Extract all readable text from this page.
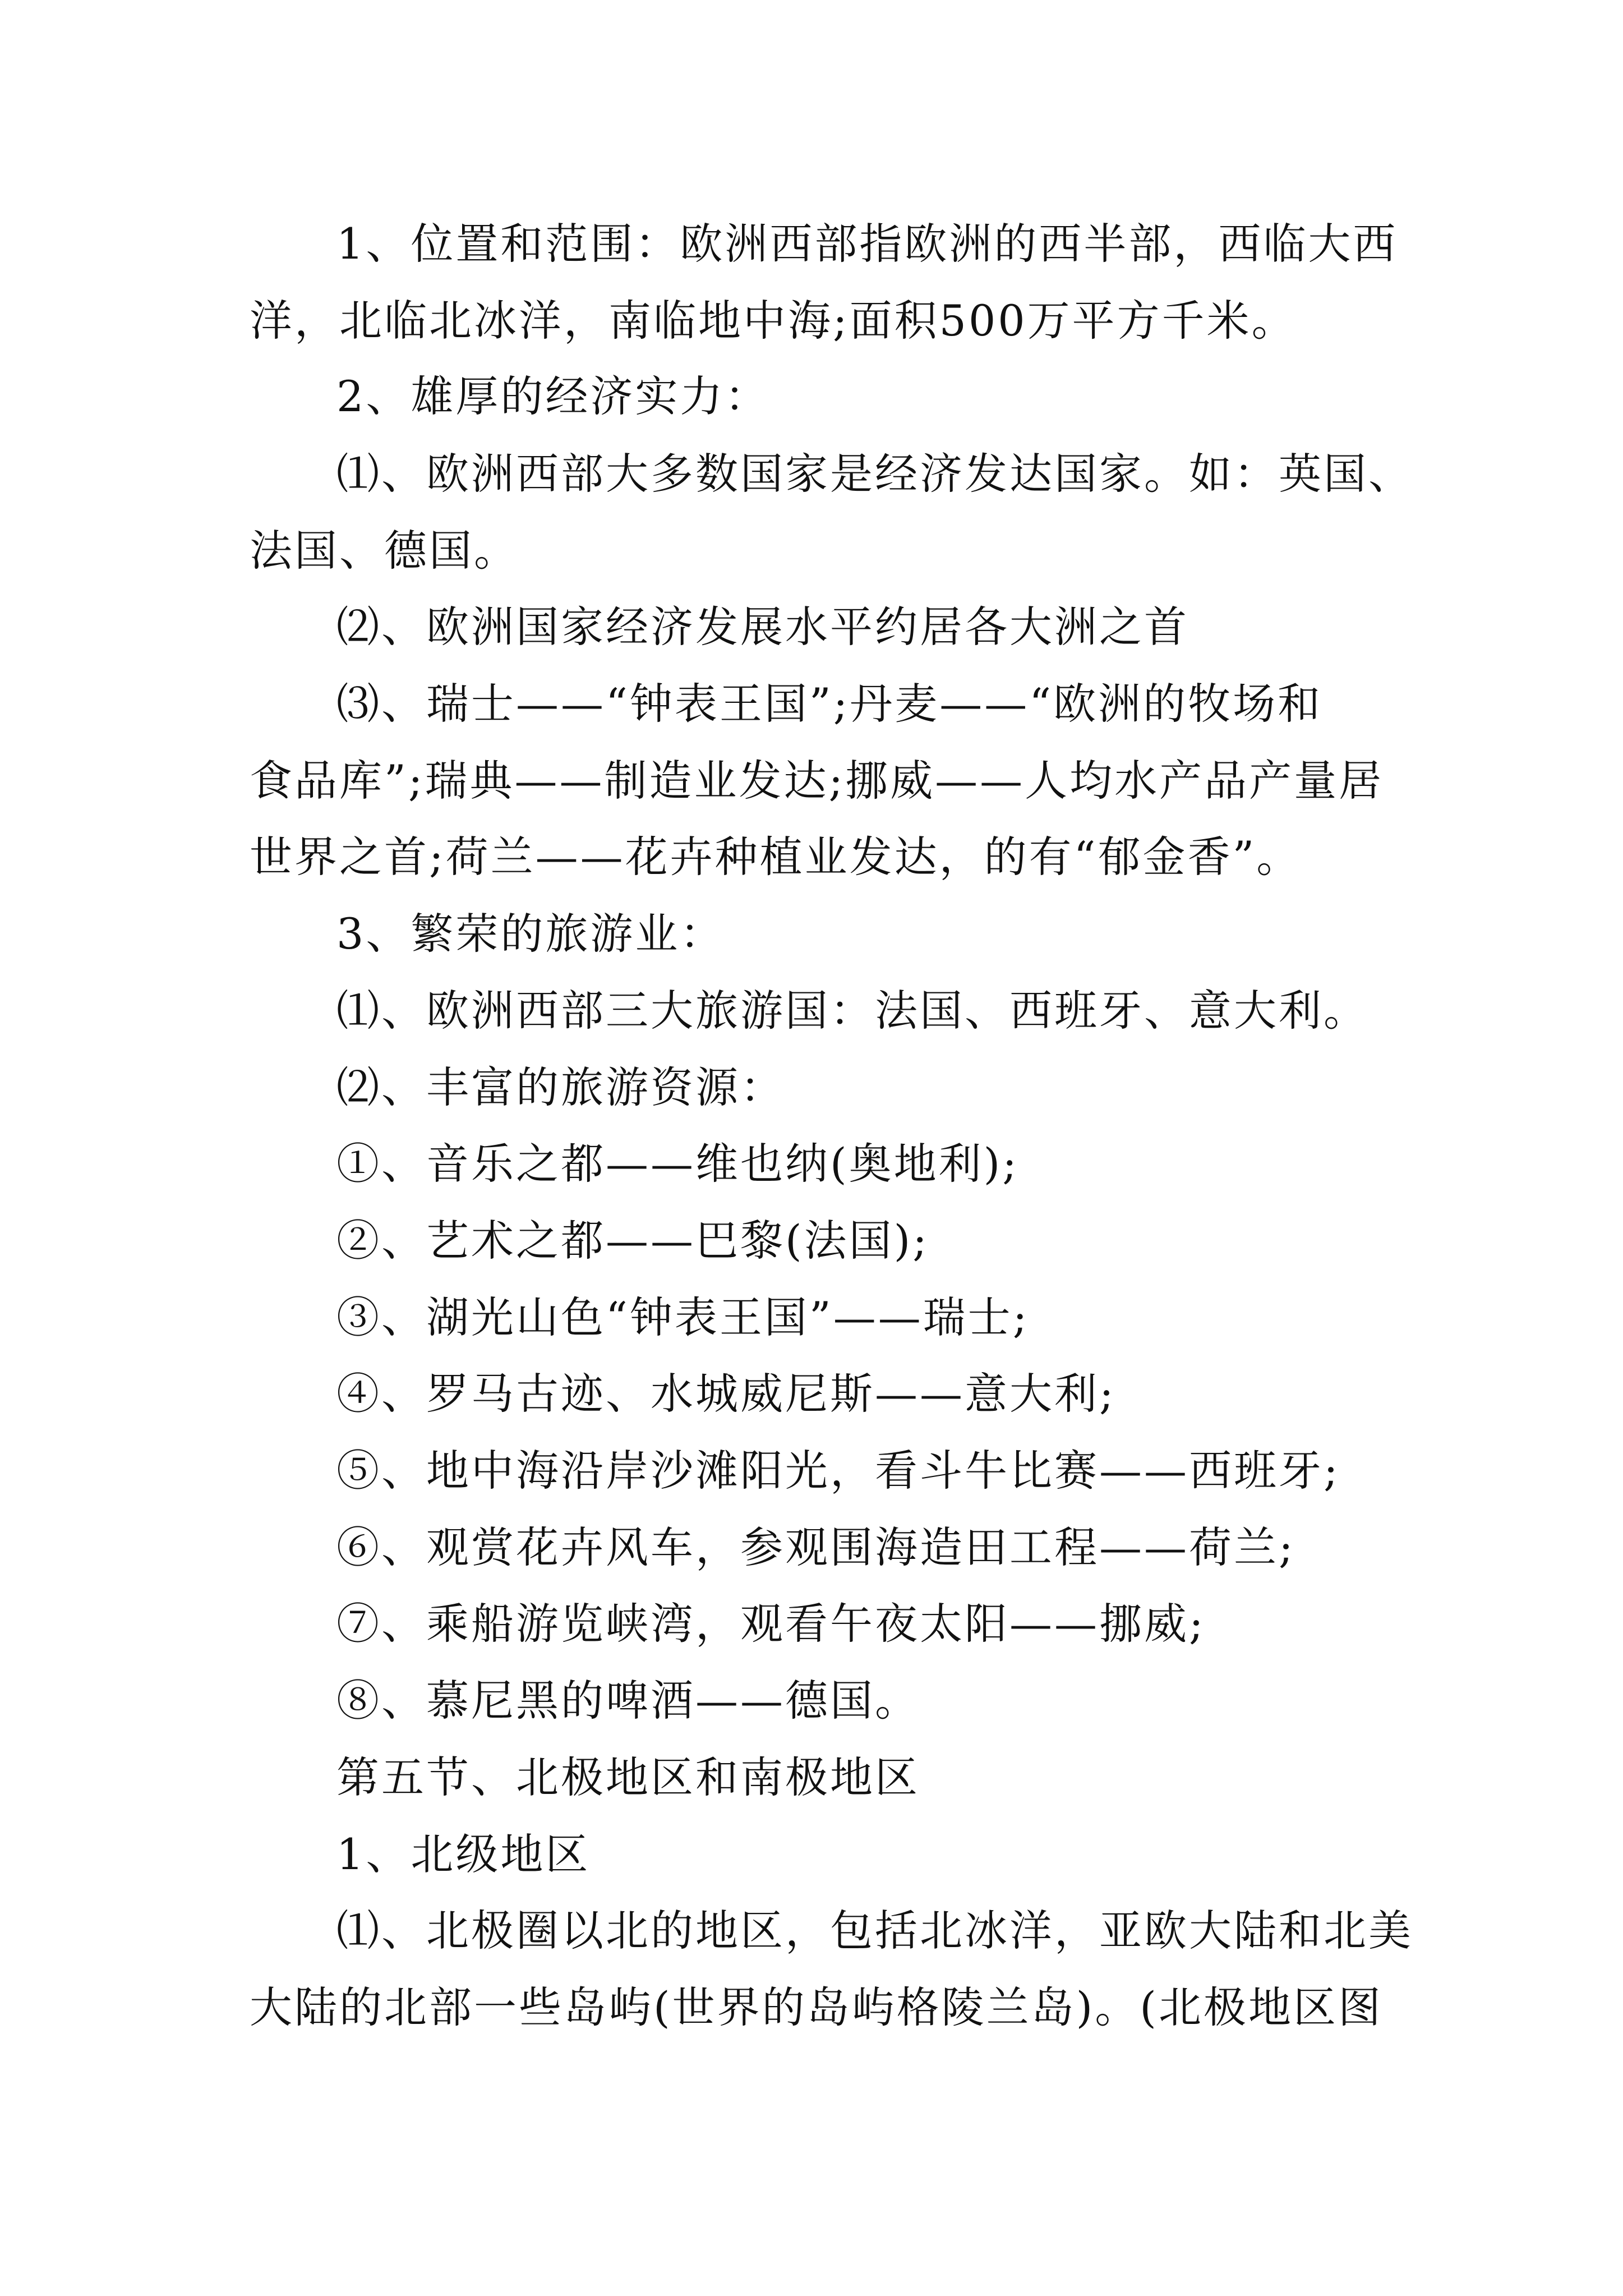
1、位置和范围：欧洲西部指欧洲的西半部，西临大西

洋，北临北冰洋，南临地中海;面积500万平方千米。

2、雄厚的经济实力：

⑴、欧洲西部大多数国家是经济发达国家。如：英国、

法国、德国。

⑵、欧洲国家经济发展水平约居各大洲之首

⑶、瑞士——“钟表王国”;丹麦——“欧洲的牧场和

食品库”;瑞典——制造业发达;挪威——人均水产品产量居

世界之首;荷兰——花卉种植业发达，的有“郁金香”。

3、繁荣的旅游业：

⑴、欧洲西部三大旅游国：法国、西班牙、意大利。

⑵、丰富的旅游资源：

①、音乐之都——维也纳(奥地利);

②、艺术之都——巴黎(法国);

③、湖光山色“钟表王国”——瑞士;

④、罗马古迹、水城威尼斯——意大利;

⑤、地中海沿岸沙滩阳光，看斗牛比赛——西班牙;

⑥、观赏花卉风车，参观围海造田工程——荷兰;

⑦、乘船游览峡湾，观看午夜太阳——挪威;

⑧、慕尼黑的啤酒——德国。

第五节、北极地区和南极地区

1、北级地区

⑴、北极圈以北的地区，包括北冰洋，亚欧大陆和北美

大陆的北部一些岛屿(世界的岛屿格陵兰岛)。(北极地区图
